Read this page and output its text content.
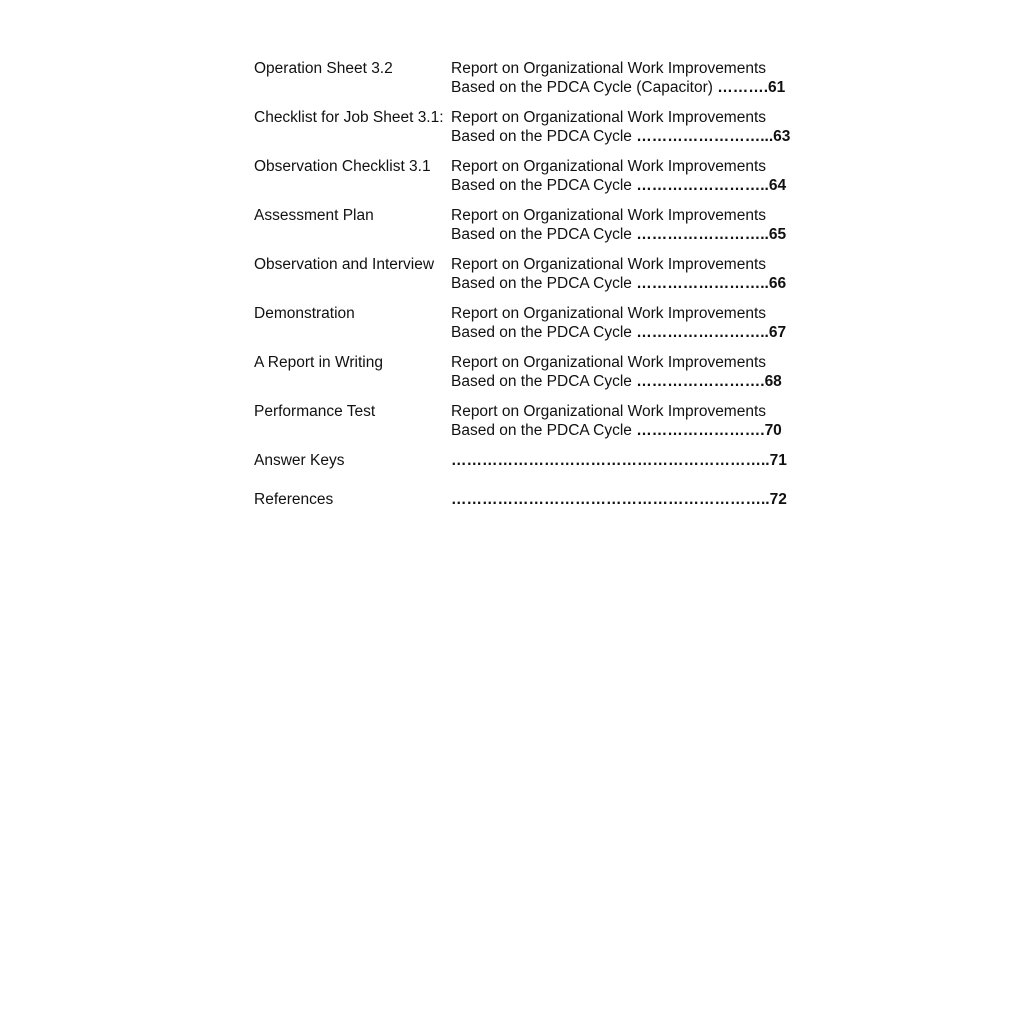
Operation Sheet 3.2	Report on Organizational Work Improvements
Based on the PDCA Cycle (Capacitor) ……….61
Checklist for Job Sheet 3.1: Report on Organizational Work Improvements
Based on the PDCA Cycle ……………………...63
Observation Checklist 3.1	Report on Organizational Work Improvements
Based on the PDCA Cycle ……………………..64
Assessment Plan	Report on Organizational Work Improvements
Based on the PDCA Cycle ……………………..65
Observation and Interview	Report on Organizational Work Improvements
Based on the PDCA Cycle ……………………..66
Demonstration	Report on Organizational Work Improvements
Based on the PDCA Cycle ……………………..67
A Report in Writing	Report on Organizational Work Improvements
Based on the PDCA Cycle …………………….68
Performance Test	Report on Organizational Work Improvements
Based on the PDCA Cycle …………………….70
Answer Keys	……………………………………………………..71
References	……………………………………………………..72
